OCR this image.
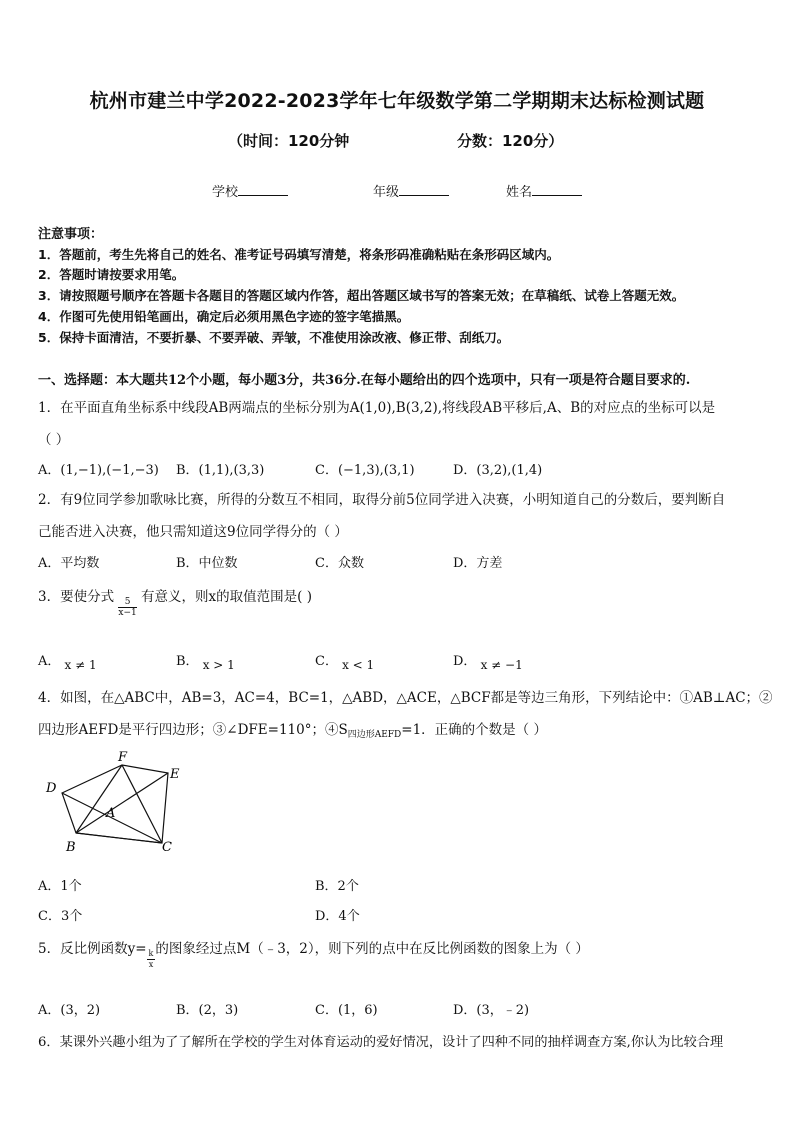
杭州市建兰中学2022-2023学年七年级数学第二学期期末达标检测试题
（时间：120分钟	分数：120分）
学校	年级	姓名
注意事项：
1．答题前，考生先将自己的姓名、准考证号码填写清楚，将条形码准确粘贴在条形码区域内。
2．答题时请按要求用笔。
3．请按照题号顺序在答题卡各题目的答题区域内作答，超出答题区域书写的答案无效；在草稿纸、试卷上答题无效。
4．作图可先使用铅笔画出，确定后必须用黑色字迹的签字笔描黑。
5．保持卡面清洁，不要折暴、不要弄破、弄皱，不准使用涂改液、修正带、刮纸刀。
一、选择题：本大题共12个小题，每小题3分，共36分.在每小题给出的四个选项中，只有一项是符合题目要求的.
1．在平面直角坐标系中线段AB两端点的坐标分别为A(1,0),B(3,2),将线段AB平移后,A、B的对应点的坐标可以是
（ ）
A．(1,−1),(−1,−3) B．(1,1),(3,3)	C．(−1,3),(3,1)	D．(3,2),(1,4)
2．有9位同学参加歌咏比赛，所得的分数互不相同，取得分前5位同学进入决赛，小明知道自己的分数后，要判断自
己能否进入决赛，他只需知道这9位同学得分的（ ）
A．平均数	B．中位数	C．众数	D．方差
3．要使分式 $\frac{5}{x-1}$ 有意义，则x的取值范围是( )
A． x ≠ 1	B． x > 1	C． x < 1	D． x ≠ −1
4．如图，在△ABC中，AB=3，AC=4，BC=1，△ABD，△ACE，△BCF都是等边三角形，下列结论中：①AB⊥AC；②
四边形AEFD是平行四边形；③∠DFE=110°；$④S_{四边形AEFD}=1$．正确的个数是（ ）
F
E
D
A
B	C
A．1个	B．2个
C．3个	D．4个
5．反比例函数$y= \frac{k}{x}$ 的图象经过点M（﹣3，2），则下列的点中在反比例函数的图象上为（ ）
A．(3，2)	B．(2，3)	C．(1，6)	D．(3，﹣2)
6．某课外兴趣小组为了了解所在学校的学生对体育运动的爱好情况，设计了四种不同的抽样调查方案,你认为比较合理
